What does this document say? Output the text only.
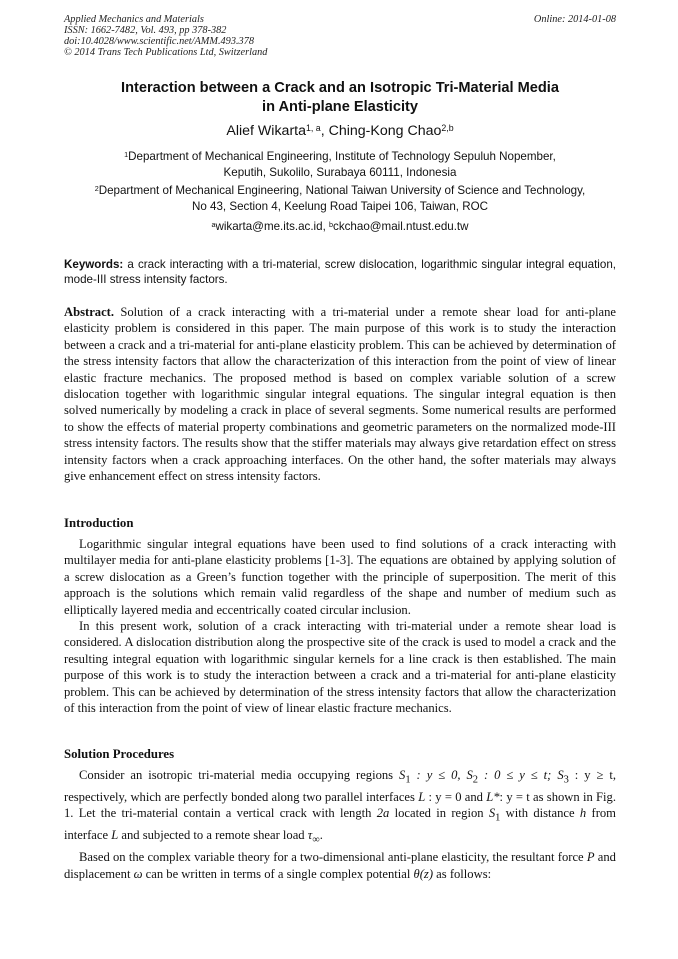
Applied Mechanics and Materials
ISSN: 1662-7482, Vol. 493, pp 378-382
doi:10.4028/www.scientific.net/AMM.493.378
© 2014 Trans Tech Publications Ltd, Switzerland
Online: 2014-01-08
Interaction between a Crack and an Isotropic Tri-Material Media
in Anti-plane Elasticity
Alief Wikarta$^{1, a}$, Ching-Kong Chao$^{2,b}$
$^1$Department of Mechanical Engineering, Institute of Technology Sepuluh Nopember,
Keputih, Sukolilo, Surabaya 60111, Indonesia
$^2$Department of Mechanical Engineering, National Taiwan University of Science and Technology,
No 43, Section 4, Keelung Road Taipei 106, Taiwan, ROC
$^a$wikarta@me.its.ac.id, $^b$ckchao@mail.ntust.edu.tw
Keywords: a crack interacting with a tri-material, screw dislocation, logarithmic singular integral equation, mode-III stress intensity factors.
Abstract. Solution of a crack interacting with a tri-material under a remote shear load for anti-plane elasticity problem is considered in this paper. The main purpose of this work is to study the interaction between a crack and a tri-material for anti-plane elasticity problem. This can be achieved by determination of the stress intensity factors that allow the characterization of this interaction from the point of view of linear elastic fracture mechanics. The proposed method is based on complex variable solution of a screw dislocation together with logarithmic singular integral equations. The singular integral equation is then solved numerically by modeling a crack in place of several segments. Some numerical results are performed to show the effects of material property combinations and geometric parameters on the normalized mode-III stress intensity factors. The results show that the stiffer materials may always give retardation effect on stress intensity factors when a crack approaching interfaces. On the other hand, the softer materials may always give enhancement effect on stress intensity factors.
Introduction

Logarithmic singular integral equations have been used to find solutions of a crack interacting with multilayer media for anti-plane elasticity problems [1-3]. The equations are obtained by applying solution of a screw dislocation as a Green’s function together with the principle of superposition. The merit of this approach is the solutions which remain valid regardless of the shape and number of medium such as elliptically layered media and eccentrically coated circular inclusion.

In this present work, solution of a crack interacting with tri-material under a remote shear load is considered. A dislocation distribution along the prospective site of the crack is used to model a crack and the resulting integral equation with logarithmic singular kernels for a line crack is then established. The main purpose of this work is to study the interaction between a crack and a tri-material for anti-plane elasticity problem. This can be achieved by determination of the stress intensity factors that allow the characterization of this interaction from the point of view of linear elastic fracture mechanics.

Solution Procedures

Consider an isotropic tri-material media occupying regions $S_1$ : y ≤ 0, $S_2$ : 0 ≤ y ≤ t; $S_3$ : y ≥ t, respectively, which are perfectly bonded along two parallel interfaces L : y = 0 and L*: y = t as shown in Fig. 1. Let the tri-material contain a vertical crack with length 2a located in region $S_1$ with distance h from interface L and subjected to a remote shear load $\tau_\infty$.

Based on the complex variable theory for a two-dimensional anti-plane elasticity, the resultant force P and displacement ω can be written in terms of a single complex potential θ(z) as follows:
